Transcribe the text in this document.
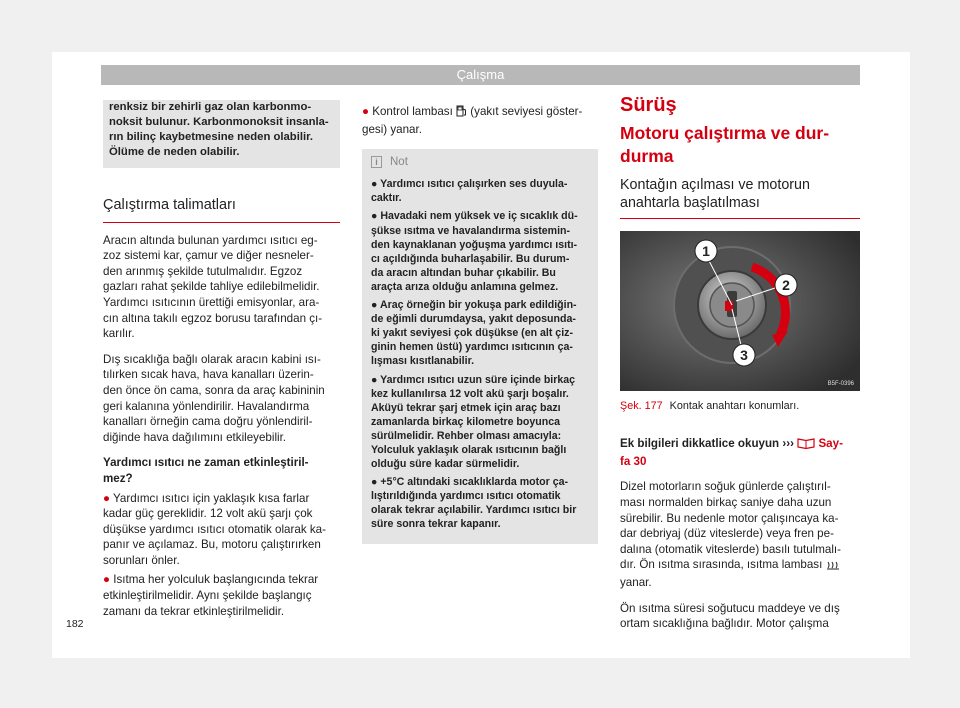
Çalışma

renksiz bir zehirli gaz olan karbonmo-

noksit bulunur. Karbonmonoksit insanla-

rın bilinç kaybetmesine neden olabilir.

Ölüme de neden olabilir.

Çalıştırma talimatları

Aracın altında bulunan yardımcı ısıtıcı eg-
zoz sistemi kar, çamur ve diğer nesneler-
den arınmış şekilde tutulmalıdır. Egzoz
gazları rahat şekilde tahliye edilebilmelidir.
Yardımcı ısıtıcının ürettiği emisyonlar, ara-
cın altına takılı egzoz borusu tarafından çı-
karılır.

Dış sıcaklığa bağlı olarak aracın kabini ısı-
tılırken sıcak hava, hava kanalları üzerin-
den önce ön cama, sonra da araç kabininin
geri kalanına yönlendirilir. Havalandırma
kanalları örneğin cama doğru yönlendiril-
diğinde hava dağılımını etkileyebilir.

Yardımcı ısıtıcı ne zaman etkinleştiril-
mez?

● Yardımcı ısıtıcı için yaklaşık kısa farlar
kadar güç gereklidir. 12 volt akü şarjı çok
düşükse yardımcı ısıtıcı otomatik olarak ka-
panır ve açılamaz. Bu, motoru çalıştırırken
sorunları önler.

● Isıtma her yolculuk başlangıcında tekrar
etkinleştirilmelidir. Aynı şekilde başlangıç
zamanı da tekrar etkinleştirilmelidir.

● Kontrol lambası (yakıt seviyesi göster-
gesi) yanar.

i	Not
● Yardımcı ısıtıcı çalışırken ses duyula-
caktır.
● Havadaki nem yüksek ve iç sıcaklık dü-
şükse ısıtma ve havalandırma sistemin-
den kaynaklanan yoğuşma yardımcı ısıtı-
cı açıldığında buharlaşabilir. Bu durum-
da aracın altından buhar çıkabilir. Bu
araçta arıza olduğu anlamına gelmez.
● Araç örneğin bir yokuşa park edildiğin-
de eğimli durumdaysa, yakıt deposunda-
ki yakıt seviyesi çok düşükse (en alt çiz-
ginin hemen üstü) yardımcı ısıtıcının ça-
lışması kısıtlanabilir.
● Yardımcı ısıtıcı uzun süre içinde birkaç
kez kullanılırsa 12 volt akü şarjı boşalır.
Aküyü tekrar şarj etmek için araç bazı
zamanlarda birkaç kilometre boyunca
sürülmelidir. Rehber olması amacıyla:
Yolculuk yaklaşık olarak ısıtıcının bağlı
olduğu süre kadar sürmelidir.
● +5°C altındaki sıcaklıklarda motor ça-
lıştırıldığında yardımcı ısıtıcı otomatik
olarak tekrar açılabilir. Yardımcı ısıtıcı bir
süre sonra tekrar kapanır.
Sürüş
Motoru çalıştırma ve dur-
durma
Kontağın açılması ve motorun
anahtarla başlatılması
1
2
3
B5F-0396
Şek. 177 Kontak anahtarı konumları.

Ek bilgileri dikkatlice okuyun ››› Say-
fa 30

Dizel motorların soğuk günlerde çalıştırıl-
ması normalden birkaç saniye daha uzun
sürebilir. Bu nedenle motor çalışıncaya ka-
dar debriyaj (düz viteslerde) veya fren pe-
dalına (otomatik viteslerde) basılı tutulmalı-
dır. Ön ısıtma sırasında, ısıtma lambası
yanar.

Ön ısıtma süresi soğutucu maddeye ve dış
ortam sıcaklığına bağlıdır. Motor çalışma

182
